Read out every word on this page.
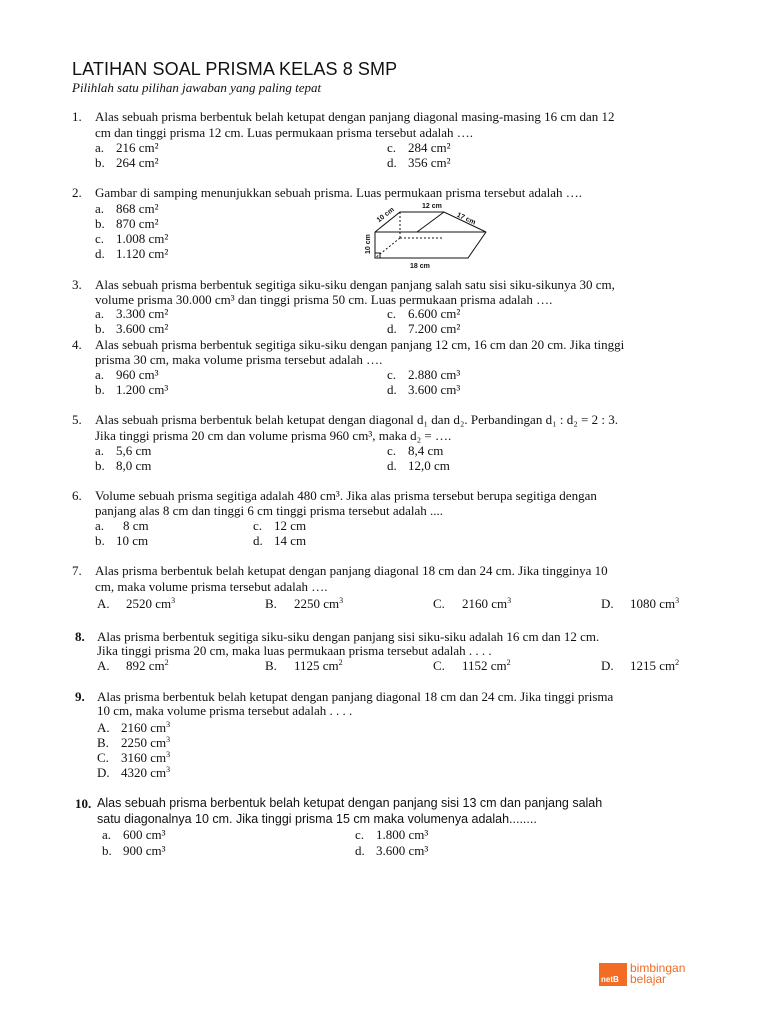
LATIHAN SOAL PRISMA KELAS 8 SMP
Pilihlah satu pilihan jawaban yang paling tepat
1. Alas sebuah prisma berbentuk belah ketupat dengan panjang diagonal masing-masing 16 cm dan 12
cm dan tinggi prisma 12 cm. Luas permukaan prisma tersebut adalah ….
a. 216 cm²
b. 264 cm²
c. 284 cm²
d. 356 cm²
2. Gambar di samping menunjukkan sebuah prisma. Luas permukaan prisma tersebut adalah ….
a. 868 cm²
b. 870 cm²
c. 1.008 cm²
d. 1.120 cm²
12 cm
10 cm	17 cm
10 cm
18 cm
3. Alas sebuah prisma berbentuk segitiga siku-siku dengan panjang salah satu sisi siku-sikunya 30 cm,
volume prisma 30.000 cm³ dan tinggi prisma 50 cm. Luas permukaan prisma adalah ….
a. 3.300 cm²
b. 3.600 cm²
c. 6.600 cm²
d. 7.200 cm²
4. Alas sebuah prisma berbentuk segitiga siku-siku dengan panjang 12 cm, 16 cm dan 20 cm. Jika tinggi
prisma 30 cm, maka volume prisma tersebut adalah ….
a. 960 cm³
b. 1.200 cm³
c. 2.880 cm³
d. 3.600 cm³
5. Alas sebuah prisma berbentuk belah ketupat dengan diagonal d₁ dan d₂. Perbandingan d₁ : d₂ = 2 : 3.
Jika tinggi prisma 20 cm dan volume prisma 960 cm³, maka d₂ = ….
a. 5,6 cm
b. 8,0 cm
c. 8,4 cm
d. 12,0 cm
6. Volume sebuah prisma segitiga adalah 480 cm³. Jika alas prisma tersebut berupa segitiga dengan
panjang alas 8 cm dan tinggi 6 cm tinggi prisma tersebut adalah ....
a. 8 cm
b. 10 cm
c. 12 cm
d. 14 cm
7. Alas prisma berbentuk belah ketupat dengan panjang diagonal 18 cm dan 24 cm. Jika tingginya 10
cm, maka volume prisma tersebut adalah ….
A. 2520 $cm^3$	B. 2250 $cm^3$	C. 2160 $cm^3$	D. 1080 $cm^3$
8. Alas prisma berbentuk segitiga siku-siku dengan panjang sisi siku-siku adalah 16 cm dan 12 cm.
Jika tinggi prisma 20 cm, maka luas permukaan prisma tersebut adalah . . . .
A. 892 $cm^2$	B. 1125 $cm^2$	C. 1152 $cm^2$	D. 1215 $cm^2$
9. Alas prisma berbentuk belah ketupat dengan panjang diagonal 18 cm dan 24 cm. Jika tinggi prisma
10 cm, maka volume prisma tersebut adalah . . . .
A. 2160 $cm^3$
B. 2250 $cm^3$
C. 3160 $cm^3$
D. 4320 $cm^3$
10. Alas sebuah prisma berbentuk belah ketupat dengan panjang sisi 13 cm dan panjang salah
satu diagonalnya 10 cm. Jika tinggi prisma 15 cm maka volumenya adalah........
a. 600 cm³
b. 900 cm³
c. 1.800 cm³
d. 3.600 cm³
netB
bimbingan
belajar
